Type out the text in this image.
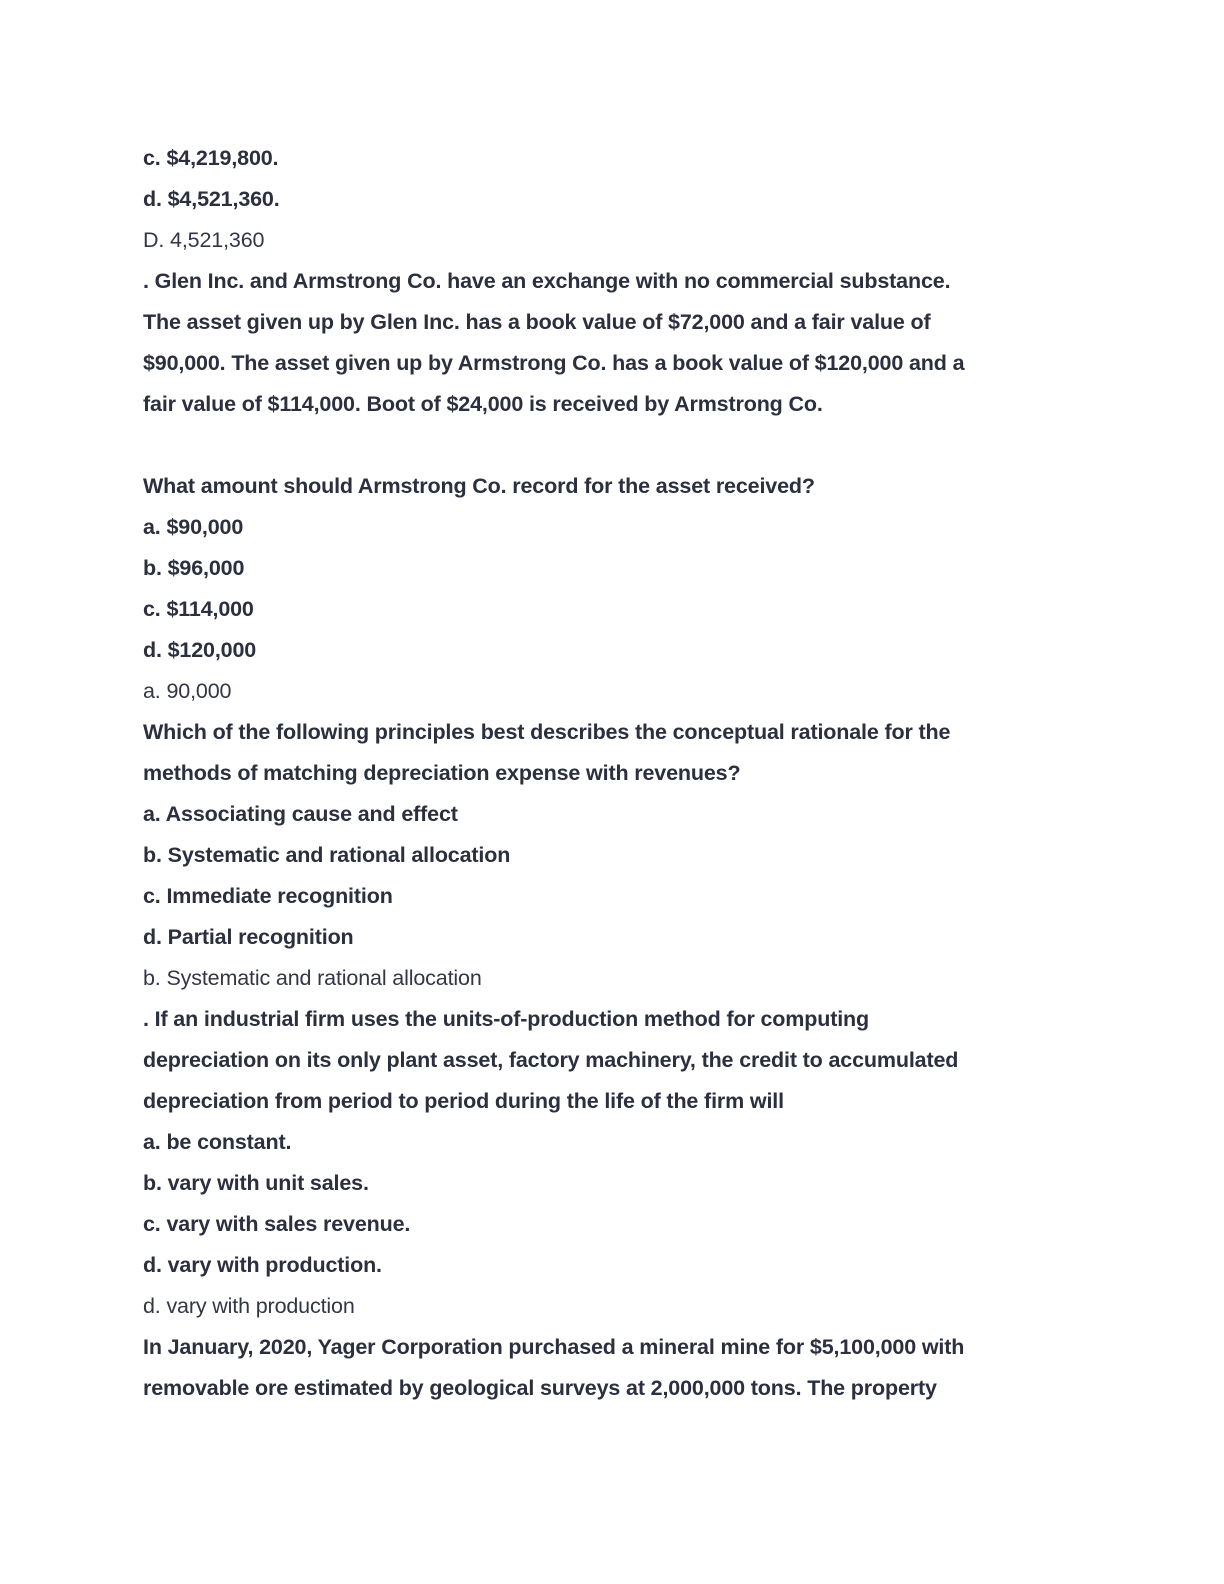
c. $4,219,800.
d. $4,521,360.
D. 4,521,360
. Glen Inc. and Armstrong Co. have an exchange with no commercial substance.
The asset given up by Glen Inc. has a book value of $72,000 and a fair value of
$90,000. The asset given up by Armstrong Co. has a book value of $120,000 and a
fair value of $114,000. Boot of $24,000 is received by Armstrong Co.
What amount should Armstrong Co. record for the asset received?
a. $90,000
b. $96,000
c. $114,000
d. $120,000
a. 90,000
Which of the following principles best describes the conceptual rationale for the
methods of matching depreciation expense with revenues?
a. Associating cause and effect
b. Systematic and rational allocation
c. Immediate recognition
d. Partial recognition
b. Systematic and rational allocation
. If an industrial firm uses the units-of-production method for computing
depreciation on its only plant asset, factory machinery, the credit to accumulated
depreciation from period to period during the life of the firm will
a. be constant.
b. vary with unit sales.
c. vary with sales revenue.
d. vary with production.
d. vary with production
In January, 2020, Yager Corporation purchased a mineral mine for $5,100,000 with
removable ore estimated by geological surveys at 2,000,000 tons. The property
